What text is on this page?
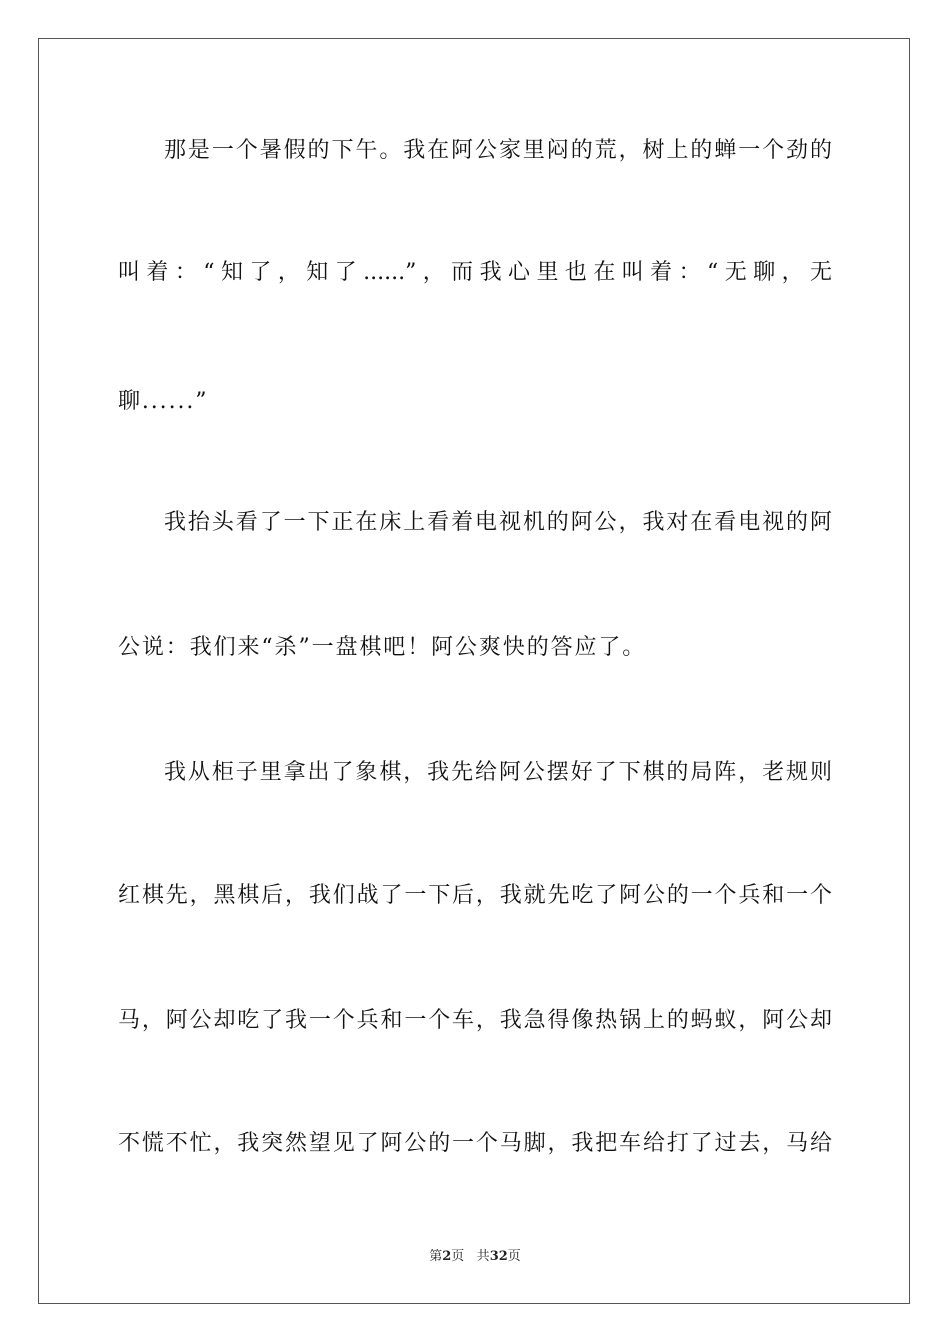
那是一个暑假的下午。我在阿公家里闷的荒，树上的蝉一个劲的
叫着：“知了，知了......”，而我心里也在叫着：“无聊，无
聊......”
我抬头看了一下正在床上看着电视机的阿公，我对在看电视的阿
公说：我们来“杀”一盘棋吧！阿公爽快的答应了。
我从柜子里拿出了象棋，我先给阿公摆好了下棋的局阵，老规则
红棋先，黑棋后，我们战了一下后，我就先吃了阿公的一个兵和一个
马，阿公却吃了我一个兵和一个车，我急得像热锅上的蚂蚁，阿公却
不慌不忙，我突然望见了阿公的一个马脚，我把车给打了过去，马给
第2页 共32页
